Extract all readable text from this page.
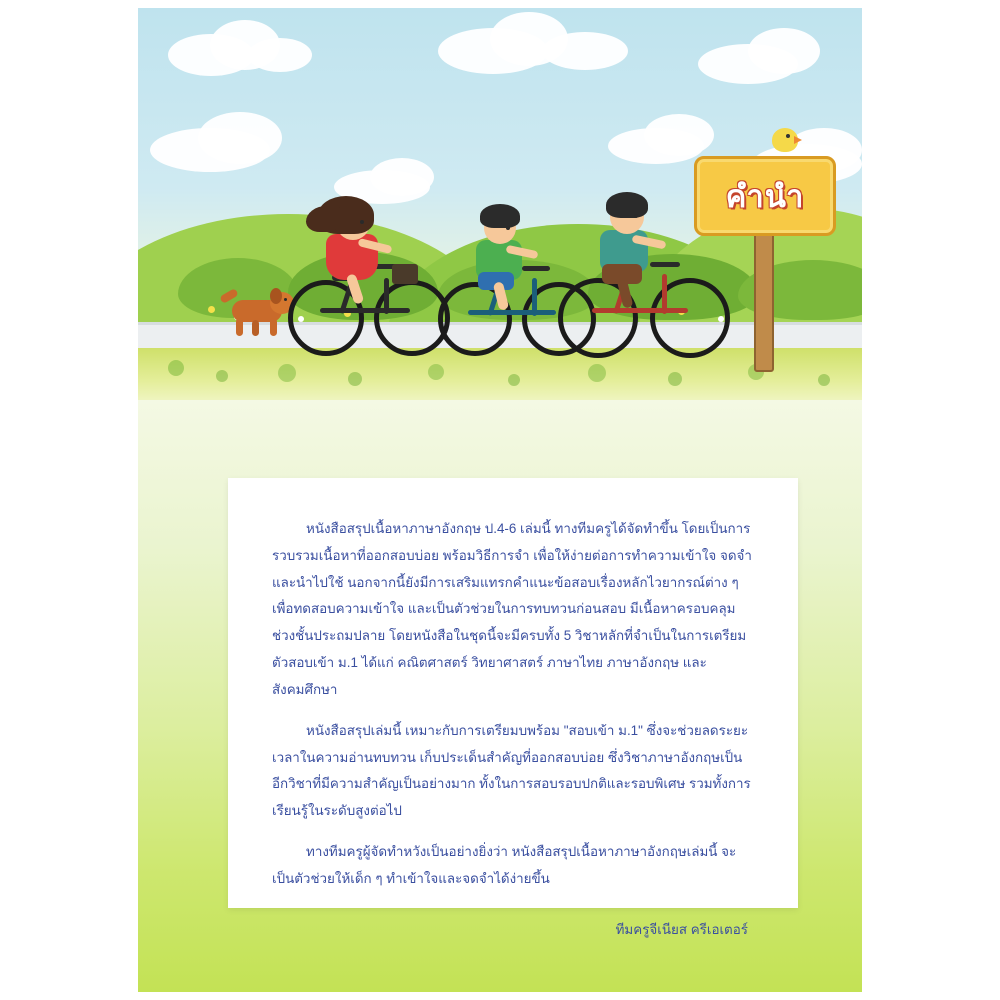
คำนำ

หนังสือสรุปเนื้อหาภาษาอังกฤษ ป.4-6 เล่มนี้ ทางทีมครูได้จัดทำขึ้น โดยเป็นการรวบรวมเนื้อหาที่ออกสอบบ่อย พร้อมวิธีการจำ เพื่อให้ง่ายต่อการทำความเข้าใจ จดจำ และนำไปใช้ นอกจากนี้ยังมีการเสริมแทรกคำแนะข้อสอบเรื่องหลักไวยากรณ์ต่าง ๆ เพื่อทดสอบความเข้าใจ และเป็นตัวช่วยในการทบทวนก่อนสอบ มีเนื้อหาครอบคลุมช่วงชั้นประถมปลาย โดยหนังสือในชุดนี้จะมีครบทั้ง 5 วิชาหลักที่จำเป็นในการเตรียมตัวสอบเข้า ม.1 ได้แก่ คณิตศาสตร์ วิทยาศาสตร์ ภาษาไทย ภาษาอังกฤษ และสังคมศึกษา

หนังสือสรุปเล่มนี้ เหมาะกับการเตรียมบพร้อม "สอบเข้า ม.1" ซึ่งจะช่วยลดระยะเวลาในความอ่านทบทวน เก็บประเด็นสำคัญที่ออกสอบบ่อย ซึ่งวิชาภาษาอังกฤษเป็นอีกวิชาที่มีความสำคัญเป็นอย่างมาก ทั้งในการสอบรอบปกติและรอบพิเศษ รวมทั้งการเรียนรู้ในระดับสูงต่อไป

ทางทีมครูผู้จัดทำหวังเป็นอย่างยิ่งว่า หนังสือสรุปเนื้อหาภาษาอังกฤษเล่มนี้ จะเป็นตัวช่วยให้เด็ก ๆ ทำเข้าใจและจดจำได้ง่ายขึ้น

ทีมครูจีเนียส ครีเอเตอร์
